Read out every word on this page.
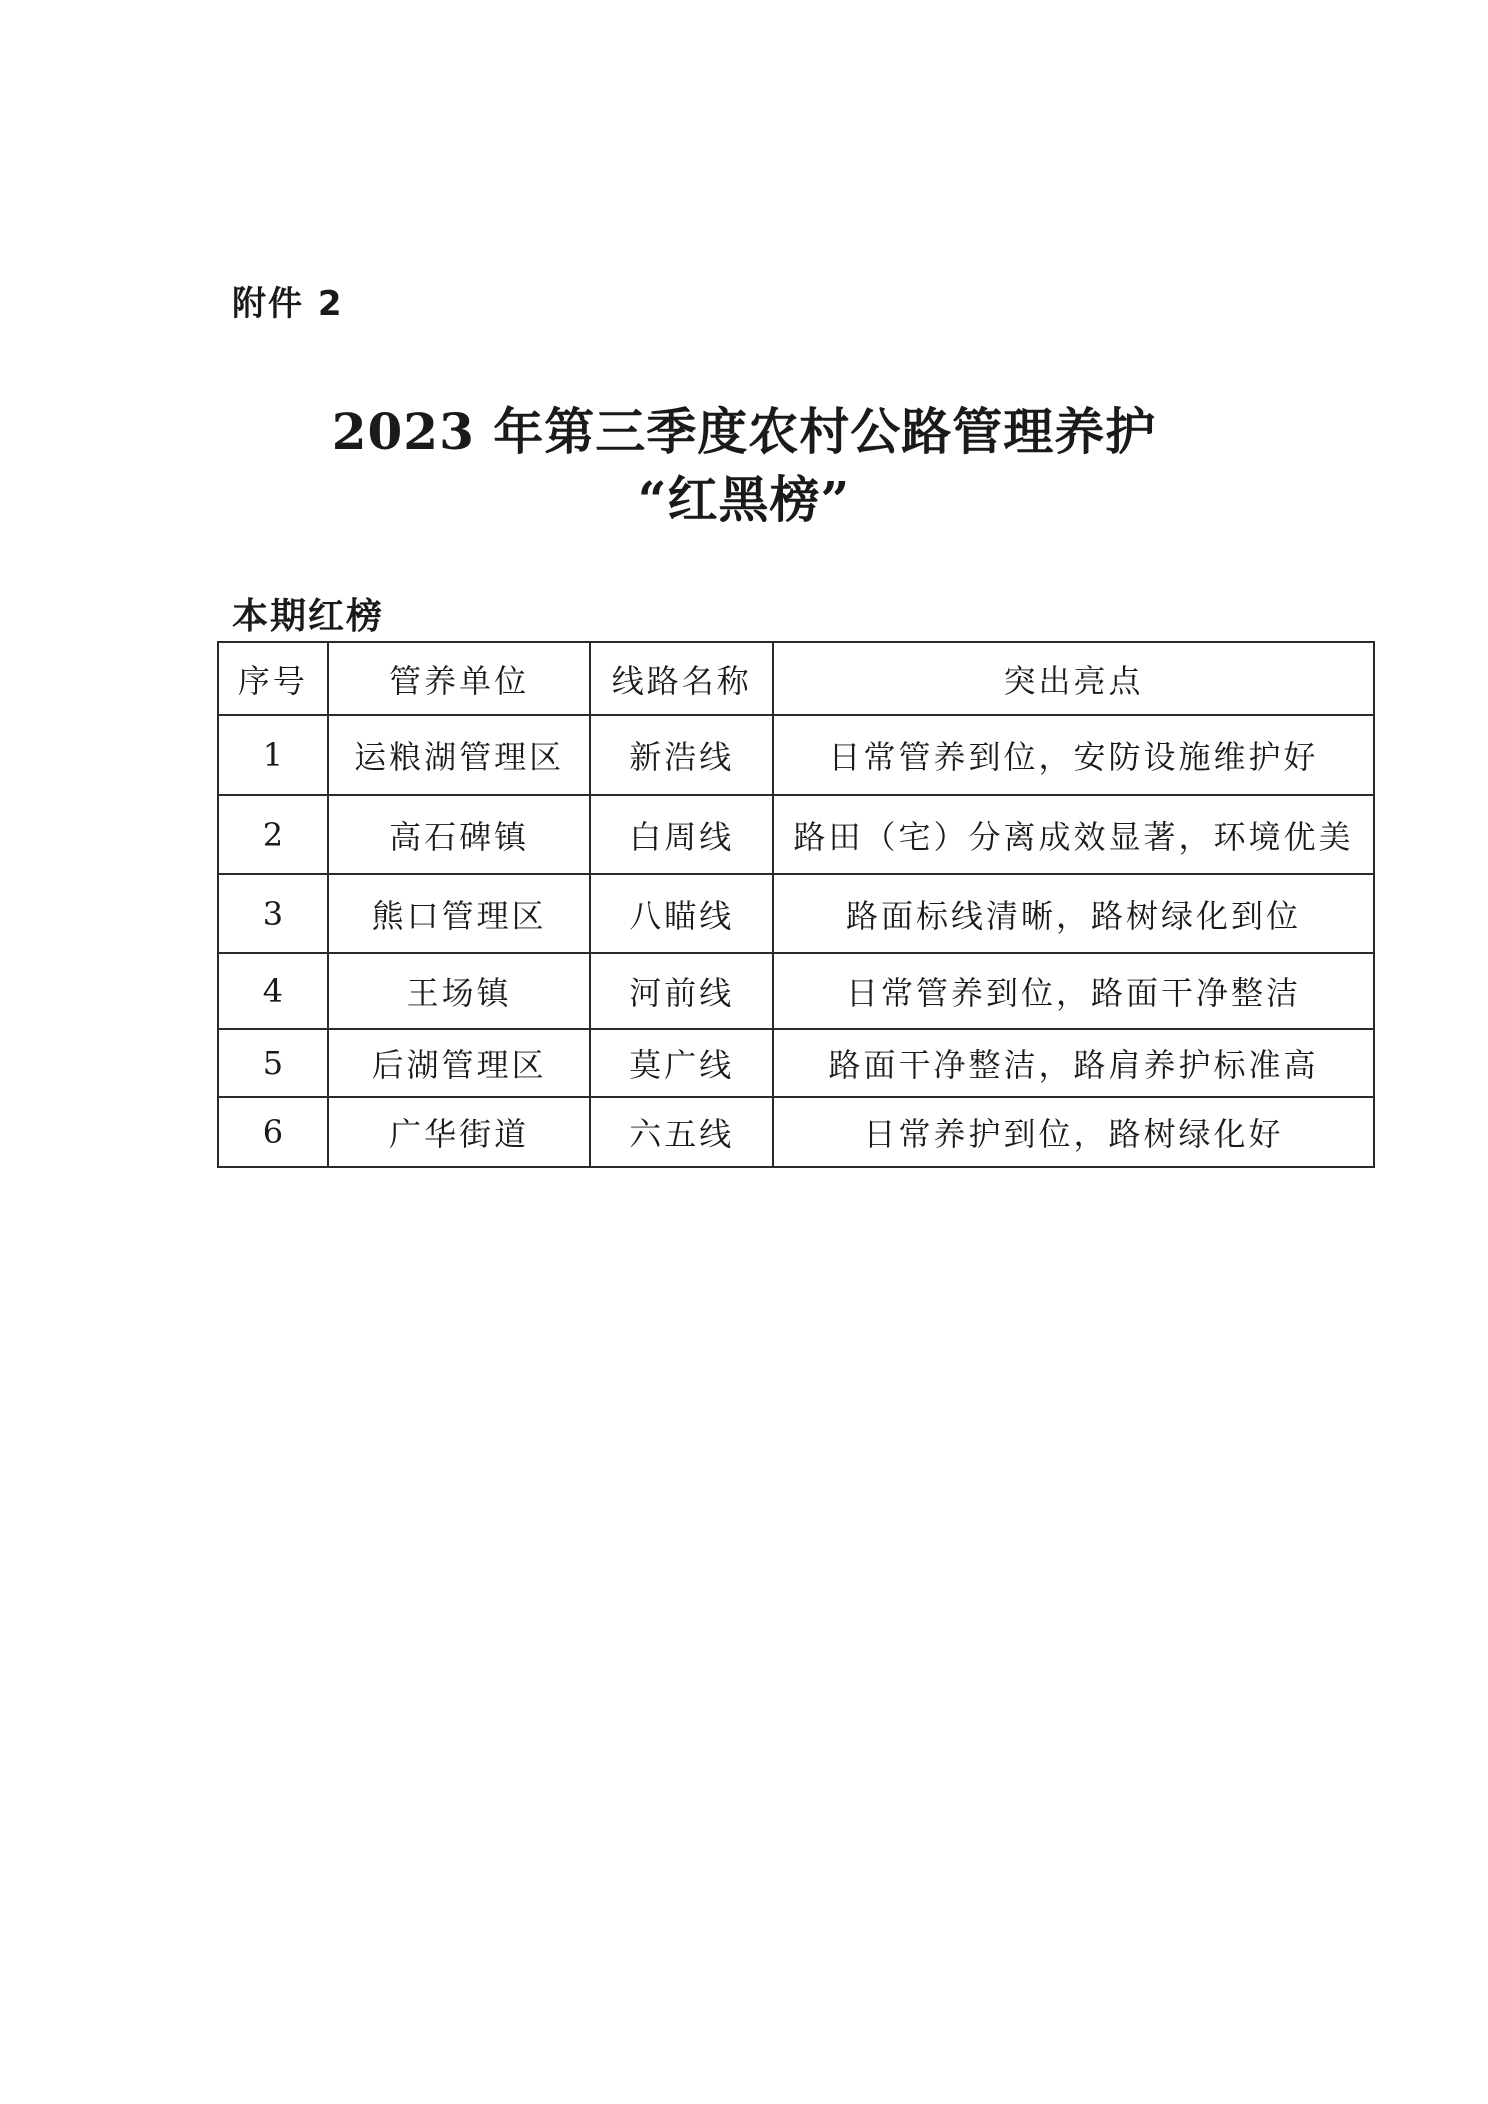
附件 2
2023 年第三季度农村公路管理养护
“红黑榜”
本期红榜
序号	管养单位	线路名称	突出亮点
1	运粮湖管理区	新浩线	日常管养到位，安防设施维护好
2	高石碑镇	白周线	路田（宅）分离成效显著，环境优美
3	熊口管理区	八瞄线	路面标线清晰，路树绿化到位
4	王场镇	河前线	日常管养到位，路面干净整洁
5	后湖管理区	莫广线	路面干净整洁，路肩养护标准高
6	广华街道	六五线	日常养护到位，路树绿化好
